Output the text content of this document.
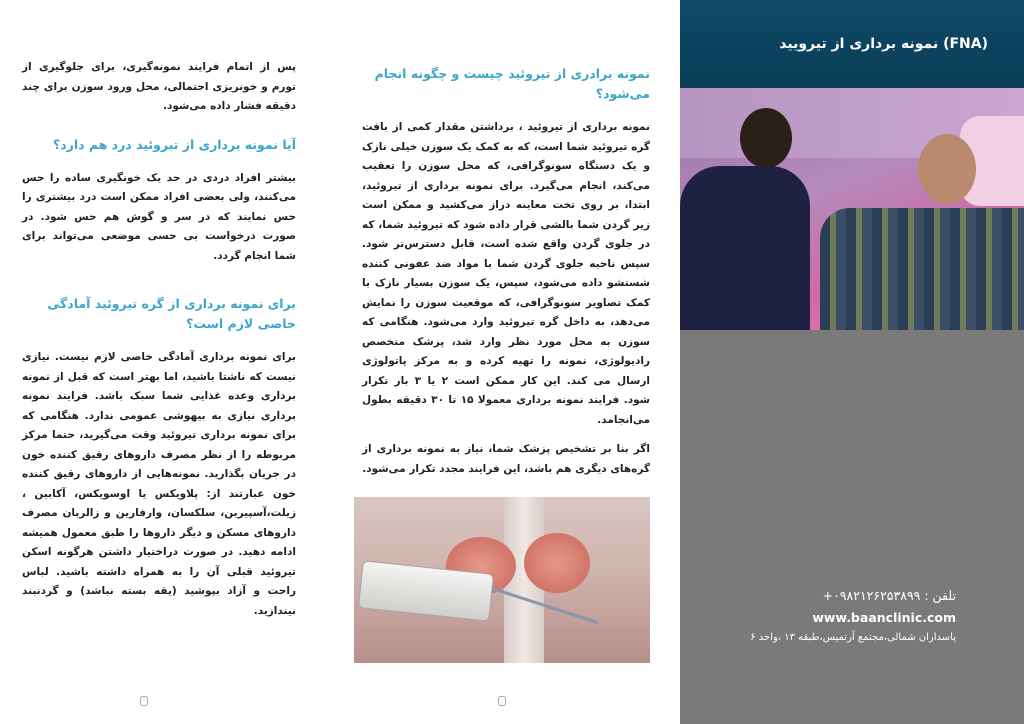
پس از اتمام فرایند نمونه‌گیری، برای جلوگیری از تورم و خونریزی احتمالی، محل ورود سوزن برای چند دقیقه فشار داده می‌شود.

آیا نمونه برداری از تیروئید درد هم دارد؟

بیشتر افراد دردی در حد یک خونگیری ساده را حس می‌کنند، ولی بعضی افراد ممکن است درد بیشتری را حس نمایند که در سر و گوش هم حس شود. در صورت درخواست بی حسی موضعی می‌تواند برای شما انجام گردد.

برای نمونه برداری از گره تیروئید آمادگی خاصی لازم است؟

برای نمونه برداری آمادگی خاصی لازم نیست. نیازی نیست که ناشتا باشید، اما بهتر است که قبل از نمونه برداری وعده غذایی شما سبک باشد. فرایند نمونه برداری نیازی به بیهوشی عمومی ندارد. هنگامی که برای نمونه برداری تیروئید وقت می‌گیرید، حتما مرکز مربوطه را از نظر مصرف داروهای رقیق کننده خون در جریان بگذارید. نمونه‌هایی از داروهای رقیق کننده خون عبارتند از: پلاویکس یا اوسویکس، آکابین ، زیلت،آسپیرین، سلکسان، وارفارین و زالربان مصرف داروهای مسکن و دیگر داروها را طبق معمول همیشه ادامه دهید. در صورت دراختیار داشتن هرگونه اسکن تیروئید قبلی آن را به همراه داشته باشید. لباس راحت و آزاد بپوشید (یقه بسته نباشد) و گردنبند نیندازید.

نمونه برادری از تیروئید چیست و چگونه انجام می‌شود؟

نمونه برداری از تیروئید ، برداشتن مقدار کمی از بافت گره تیروئید شما است، که به کمک یک سوزن خیلی نازک و یک دستگاه سونوگرافی، که محل سوزن را تعقیب می‌کند، انجام می‌گیرد. برای نمونه برداری از تیروئید، ابتدا، بر روی تخت معاینه دراز می‌کشید و ممکن است زیر گردن شما بالشی قرار داده شود که تیروئید شما، که در جلوی گردن واقع شده است، قابل دسترس‌تر شود. سپس ناحیه جلوی گردن شما با مواد ضد عفونی کننده شستشو داده می‌شود، سپس، یک سوزن بسیار نازک با کمک تصاویر سونوگرافی، که موقعیت سوزن را نمایش می‌دهد، به داخل گره تیروئید وارد می‌شود. هنگامی که سوزن به محل مورد نظر وارد شد، پزشک متخصص رادیولوژی، نمونه را تهیه کرده و به مرکز پاتولوژی ارسال می کند. این کار ممکن است ۲ یا ۳ بار تکرار شود. فرایند نمونه برداری معمولا ۱۵ تا ۳۰ دقیقه بطول می‌انجامد.

اگر بنا بر تشخیص پزشک شما، نیاز به نمونه برداری از گره‌های دیگری هم باشد، این فرایند مجدد تکرار می‌شود.

(FNA) نمونه برداری از تیرویید
تلفن : ۰۹۸۲۱۲۶۲۵۳۸۹۹+
www.baanclinic.com
پاسداران شمالی،مجتمع آرتمیس،طبقه ۱۳ ،واحد ۶
